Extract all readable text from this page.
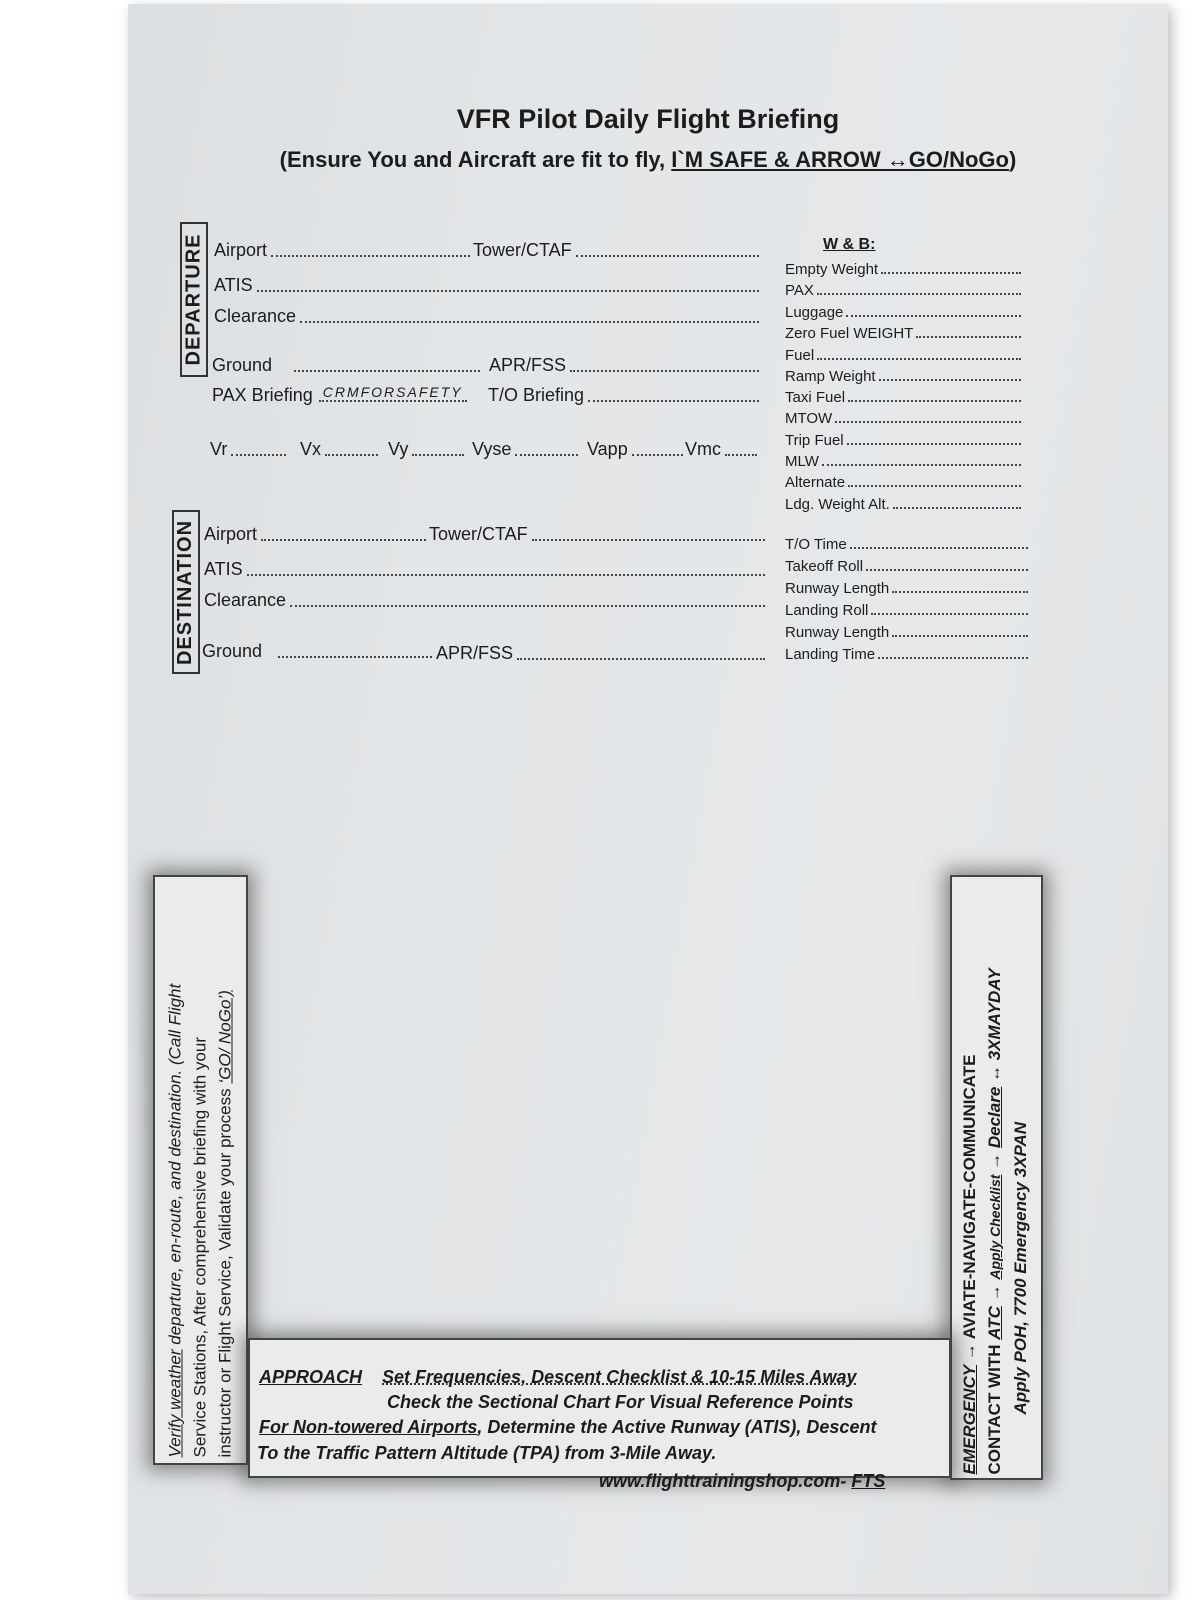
VFR Pilot Daily Flight Briefing
(Ensure You and Aircraft are fit to fly, I`M SAFE & ARROW ↔GO/NoGo)
DEPARTURE Airport	Tower/CTAF
ATIS
Clearance
Ground	APR/FSS
PAX Briefing CRMFORSAFETY T/O Briefing
Vr	Vx	Vy	Vyse	Vapp	Vmc
DESTINATION Airport	Tower/CTAF
ATIS
Clearance
Ground	APR/FSS
W & B:
Empty Weight
PAX
Luggage
Zero Fuel WEIGHT
Fuel
Ramp Weight
Taxi Fuel
MTOW
Trip Fuel
MLW
Alternate
Ldg. Weight Alt.
T/O Time
Takeoff Roll
Runway Length
Landing Roll
Runway Length
Landing Time
Verify weather departure, en-route, and destination. (Call Flight Service Stations, After comprehensive briefing with your instructor or Flight Service, Validate your process ‘GO/ NoGo’)
EMERGENCY → AVIATE-NAVIGATE-COMMUNICATE
CONTACT WITH ATC → Apply Checklist → Declare ↔ 3XMAYDAY
Apply POH, 7700 Emergency 3XPAN
APPROACH Set Frequencies, Descent Checklist & 10-15 Miles Away
Check the Sectional Chart For Visual Reference Points
For Non-towered Airports, Determine the Active Runway (ATIS), Descent
To the Traffic Pattern Altitude (TPA) from 3-Mile Away.
www.flighttrainingshop.com- FTS
